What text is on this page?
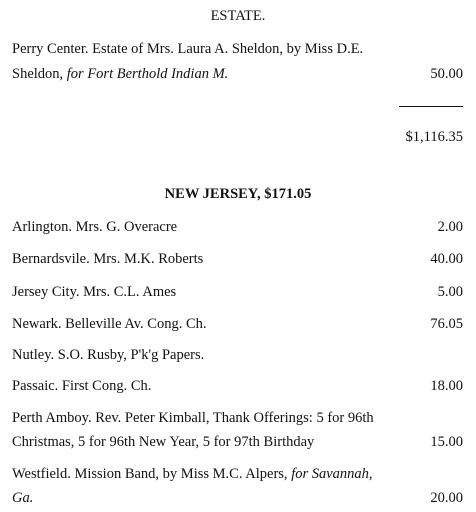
ESTATE.
Perry Center. Estate of Mrs. Laura A. Sheldon, by Miss D.E.
Sheldon, for Fort Berthold Indian M.	50.00
$1,116.35
NEW JERSEY, $171.05
Arlington. Mrs. G. Overacre	2.00
Bernardsvile. Mrs. M.K. Roberts	40.00
Jersey City. Mrs. C.L. Ames	5.00
Newark. Belleville Av. Cong. Ch.	76.05
Nutley. S.O. Rusby, P'k'g Papers.
Passaic. First Cong. Ch.	18.00
Perth Amboy. Rev. Peter Kimball, Thank Offerings: 5 for 96th
Christmas, 5 for 96th New Year, 5 for 97th Birthday	15.00
Westfield. Mission Band, by Miss M.C. Alpers, for Savannah,
Ga.	20.00
